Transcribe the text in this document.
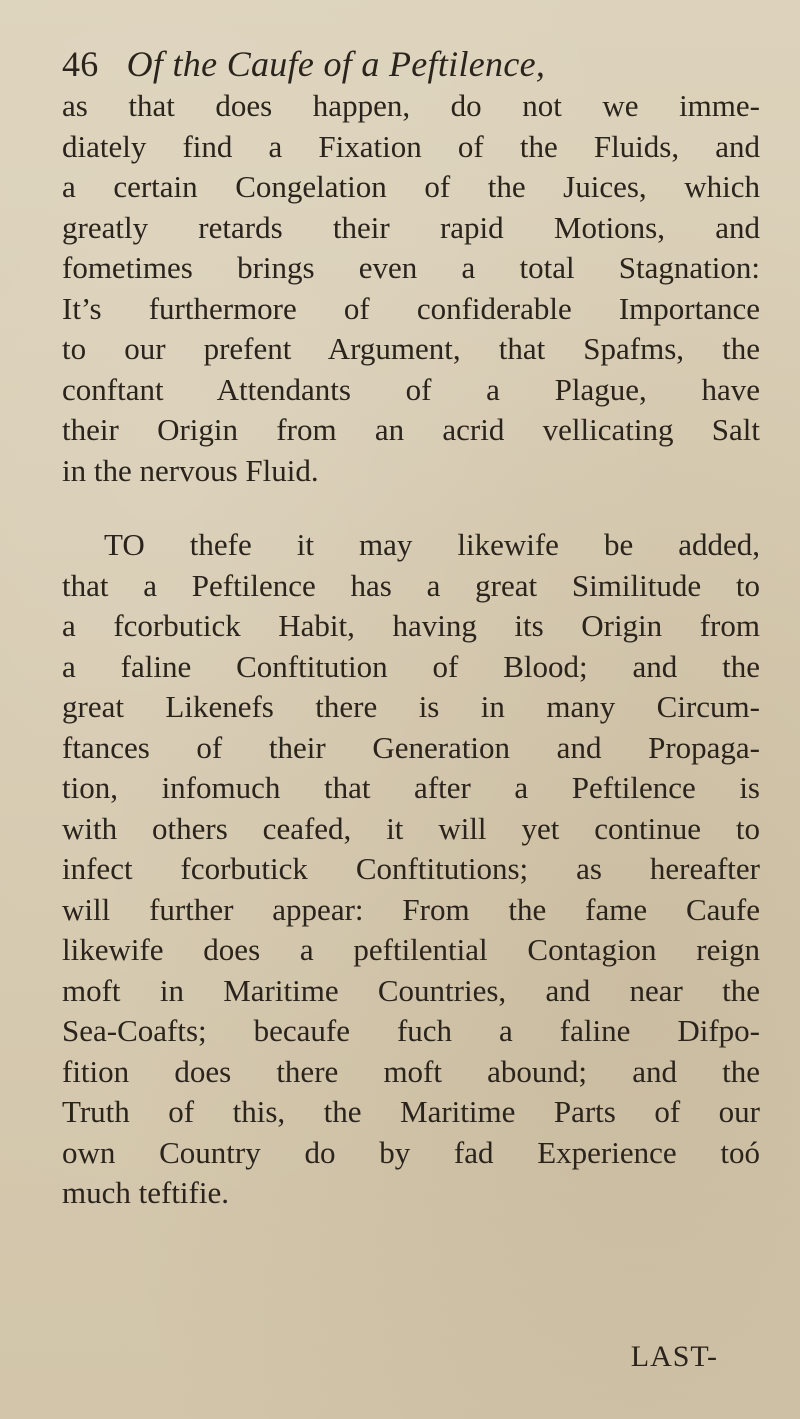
46 Of the Caufe of a Peftilence,

as that does happen, do not we imme-
diately find a Fixation of the Fluids, and
a certain Congelation of the Juices, which
greatly retards their rapid Motions, and
fometimes brings even a total Stagnation:
It’s furthermore of confiderable Importance
to our prefent Argument, that Spafms, the
conftant Attendants of a Plague, have
their Origin from an acrid vellicating Salt
in the nervous Fluid.

TO thefe it may likewife be added,
that a Peftilence has a great Similitude to
a fcorbutick Habit, having its Origin from
a faline Conftitution of Blood; and the
great Likenefs there is in many Circum-
ftances of their Generation and Propaga-
tion, infomuch that after a Peftilence is
with others ceafed, it will yet continue to
infect fcorbutick Conftitutions; as hereafter
will further appear: From the fame Caufe
likewife does a peftilential Contagion reign
moft in Maritime Countries, and near the
Sea-Coafts; becaufe fuch a faline Difpo-
fition does there moft abound; and the
Truth of this, the Maritime Parts of our
own Country do by fad Experience toó
much teftifie.

LAST-
